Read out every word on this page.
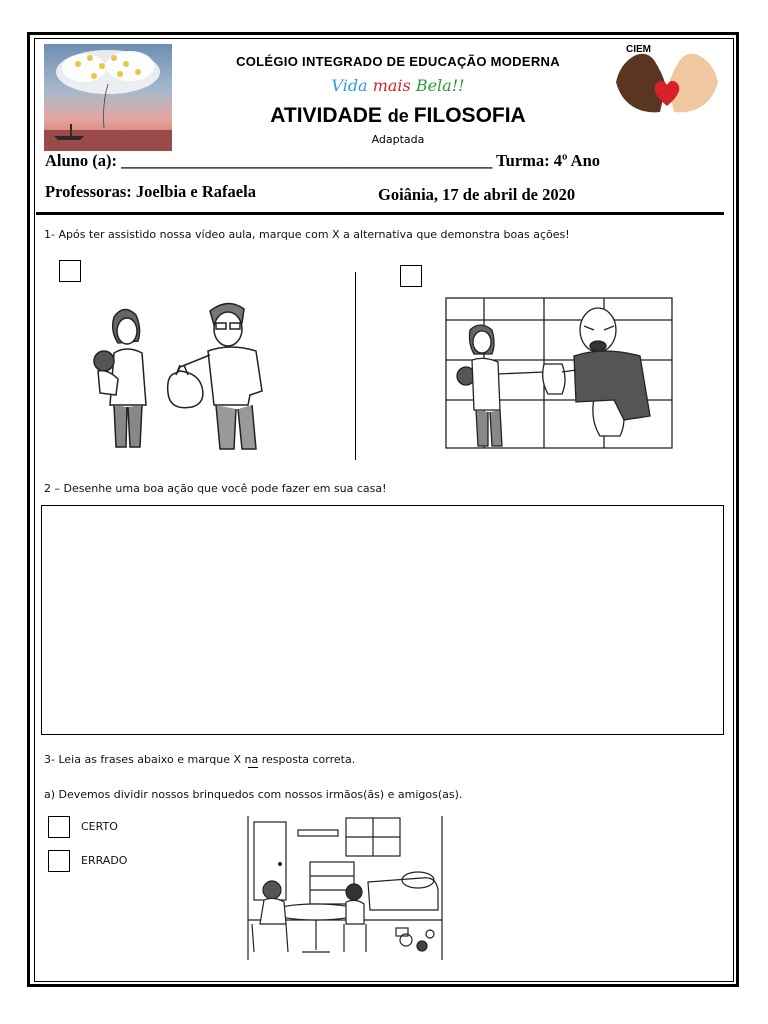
CIEM
COLÉGIO INTEGRADO DE EDUCAÇÃO MODERNA
Vida mais Bela!!
ATIVIDADE de FILOSOFIA
Adaptada
Aluno (a): _____________________________________________ Turma: 4º Ano
Professoras: Joelbia e Rafaela	Goiânia, 17 de abril de 2020
1- Após ter assistido nossa vídeo aula, marque com X a alternativa que demonstra boas ações!
2 – Desenhe uma boa ação que você pode fazer em sua casa!
3- Leia as frases abaixo e marque X na resposta correta.
a) Devemos dividir nossos brinquedos com nossos irmãos(ãs) e amigos(as).
CERTO
ERRADO
